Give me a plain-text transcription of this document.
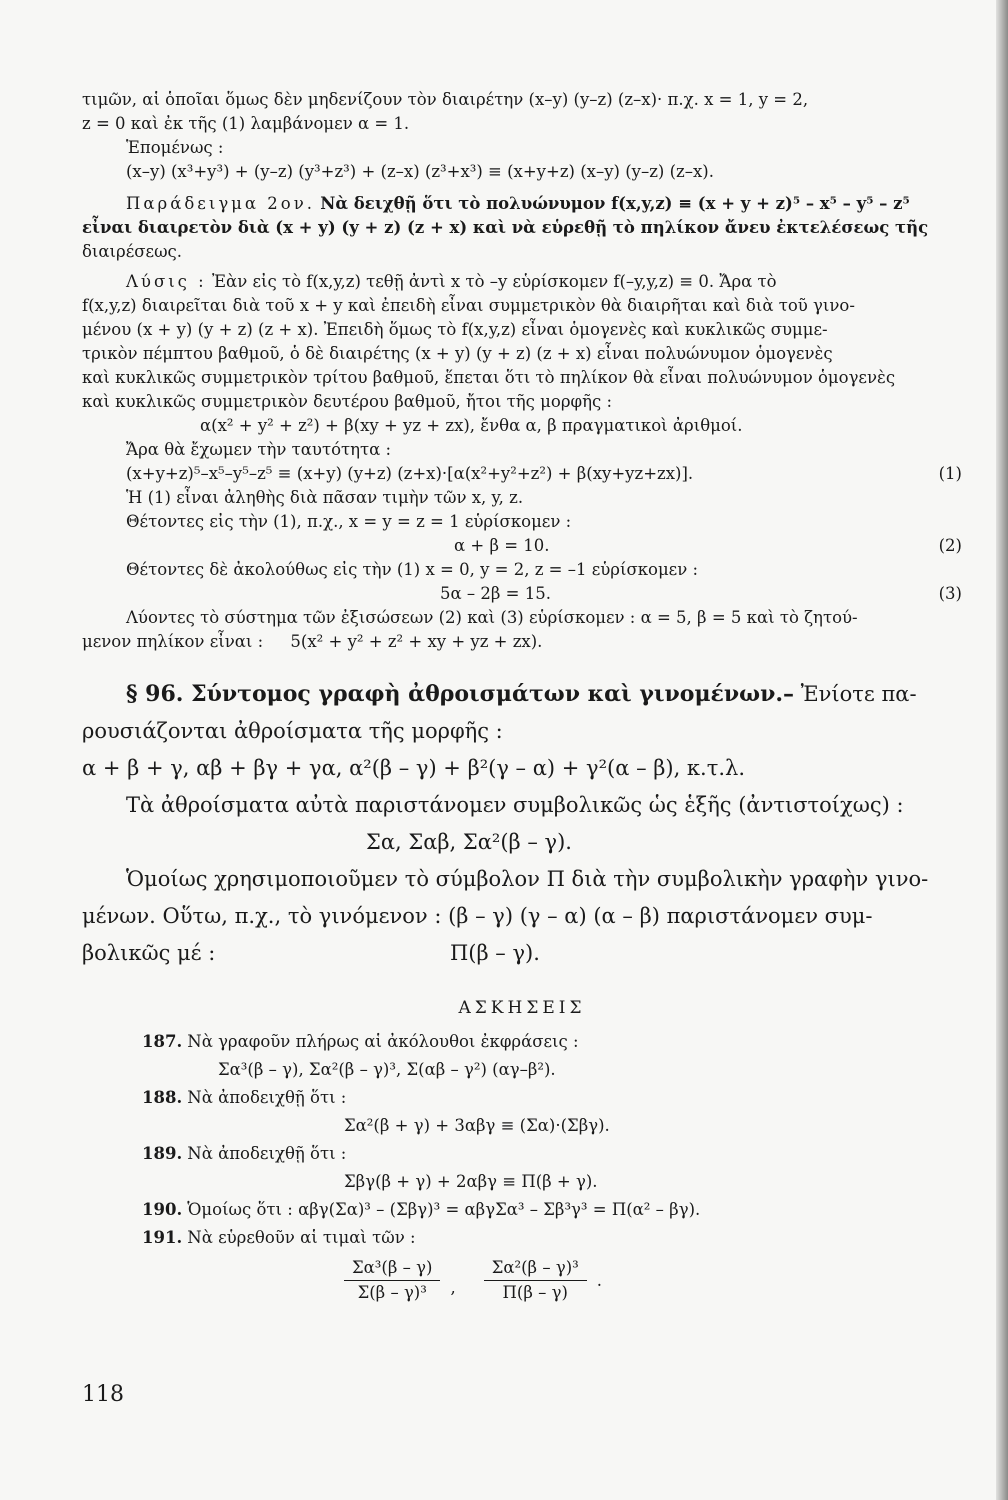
τιμῶν, αἱ ὁποῖαι ὅμως δὲν μηδενίζουν τὸν διαιρέτην (x–y) (y–z) (z–x)· π.χ. x = 1, y = 2,
z = 0 καὶ ἐκ τῆς (1) λαμβάνομεν α = 1.
Ἑπομένως :
(x–y) (x³+y³) + (y–z) (y³+z³) + (z–x) (z³+x³) ≡ (x+y+z) (x–y) (y–z) (z–x).
Παράδειγμα 2ον. Νὰ δειχθῇ ὅτι τὸ πολυώνυμον f(x,y,z) ≡ (x + y + z)⁵ – x⁵ – y⁵ – z⁵
εἶναι διαιρετὸν διὰ (x + y) (y + z) (z + x) καὶ νὰ εὑρεθῇ τὸ πηλίκον ἄνευ ἐκτελέσεως τῆς
διαιρέσεως.
Λύσις : Ἐὰν εἰς τὸ f(x,y,z) τεθῇ ἀντὶ x τὸ –y εὑρίσκομεν f(–y,y,z) ≡ 0. Ἄρα τὸ
f(x,y,z) διαιρεῖται διὰ τοῦ x + y καὶ ἐπειδὴ εἶναι συμμετρικὸν θὰ διαιρῆται καὶ διὰ τοῦ γινο-
μένου (x + y) (y + z) (z + x). Ἐπειδὴ ὅμως τὸ f(x,y,z) εἶναι ὁμογενὲς καὶ κυκλικῶς συμμε-
τρικὸν πέμπτου βαθμοῦ, ὁ δὲ διαιρέτης (x + y) (y + z) (z + x) εἶναι πολυώνυμον ὁμογενὲς
καὶ κυκλικῶς συμμετρικὸν τρίτου βαθμοῦ, ἕπεται ὅτι τὸ πηλίκον θὰ εἶναι πολυώνυμον ὁμογενὲς
καὶ κυκλικῶς συμμετρικὸν δευτέρου βαθμοῦ, ἤτοι τῆς μορφῆς :
α(x² + y² + z²) + β(xy + yz + zx), ἔνθα α, β πραγματικοὶ ἀριθμοί.
Ἄρα θὰ ἔχωμεν τὴν ταυτότητα :
(x+y+z)⁵–x⁵–y⁵–z⁵ ≡ (x+y) (y+z) (z+x)·[α(x²+y²+z²) + β(xy+yz+zx)].	(1)
Ἡ (1) εἶναι ἀληθὴς διὰ πᾶσαν τιμὴν τῶν x, y, z.
Θέτοντες εἰς τὴν (1), π.χ., x = y = z = 1 εὑρίσκομεν :
α + β = 10.	(2)
Θέτοντες δὲ ἀκολούθως εἰς τὴν (1) x = 0, y = 2, z = –1 εὑρίσκομεν :
5α – 2β = 15.	(3)
Λύοντες τὸ σύστημα τῶν ἐξισώσεων (2) καὶ (3) εὑρίσκομεν : α = 5, β = 5 καὶ τὸ ζητού-
μενον πηλίκον εἶναι : 5(x² + y² + z² + xy + yz + zx).
§ 96. Σύντομος γραφὴ ἀθροισμάτων καὶ γινομένων.– Ἐνίοτε πα-
ρουσιάζονται ἀθροίσματα τῆς μορφῆς :
α + β + γ, αβ + βγ + γα, α²(β – γ) + β²(γ – α) + γ²(α – β), κ.τ.λ.
Τὰ ἀθροίσματα αὐτὰ παριστάνομεν συμβολικῶς ὡς ἑξῆς (ἀντιστοίχως) :
Σα, Σαβ, Σα²(β – γ).
Ὁμοίως χρησιμοποιοῦμεν τὸ σύμβολον Π διὰ τὴν συμβολικὴν γραφὴν γινο-
μένων. Οὕτω, π.χ., τὸ γινόμενον : (β – γ) (γ – α) (α – β) παριστάνομεν συμ-
βολικῶς μέ :	Π(β – γ).
ΑΣΚΗΣΕΙΣ
187. Νὰ γραφοῦν πλήρως αἱ ἀκόλουθοι ἐκφράσεις :
Σα³(β – γ), Σα²(β – γ)³, Σ(αβ – γ²) (αγ–β²).
188. Νὰ ἀποδειχθῇ ὅτι :
Σα²(β + γ) + 3αβγ ≡ (Σα)·(Σβγ).
189. Νὰ ἀποδειχθῇ ὅτι :
Σβγ(β + γ) + 2αβγ ≡ Π(β + γ).
190. Ὁμοίως ὅτι : αβγ(Σα)³ – (Σβγ)³ = αβγΣα³ – Σβ³γ³ = Π(α² – βγ).
191. Νὰ εὑρεθοῦν αἱ τιμαὶ τῶν :
$\frac{\text{Σα³(β – γ)}}{\text{Σ(β – γ)³}}$ , $\frac{\text{Σα²(β – γ)³}}{\Pi(\beta - \gamma)}$ .
118
